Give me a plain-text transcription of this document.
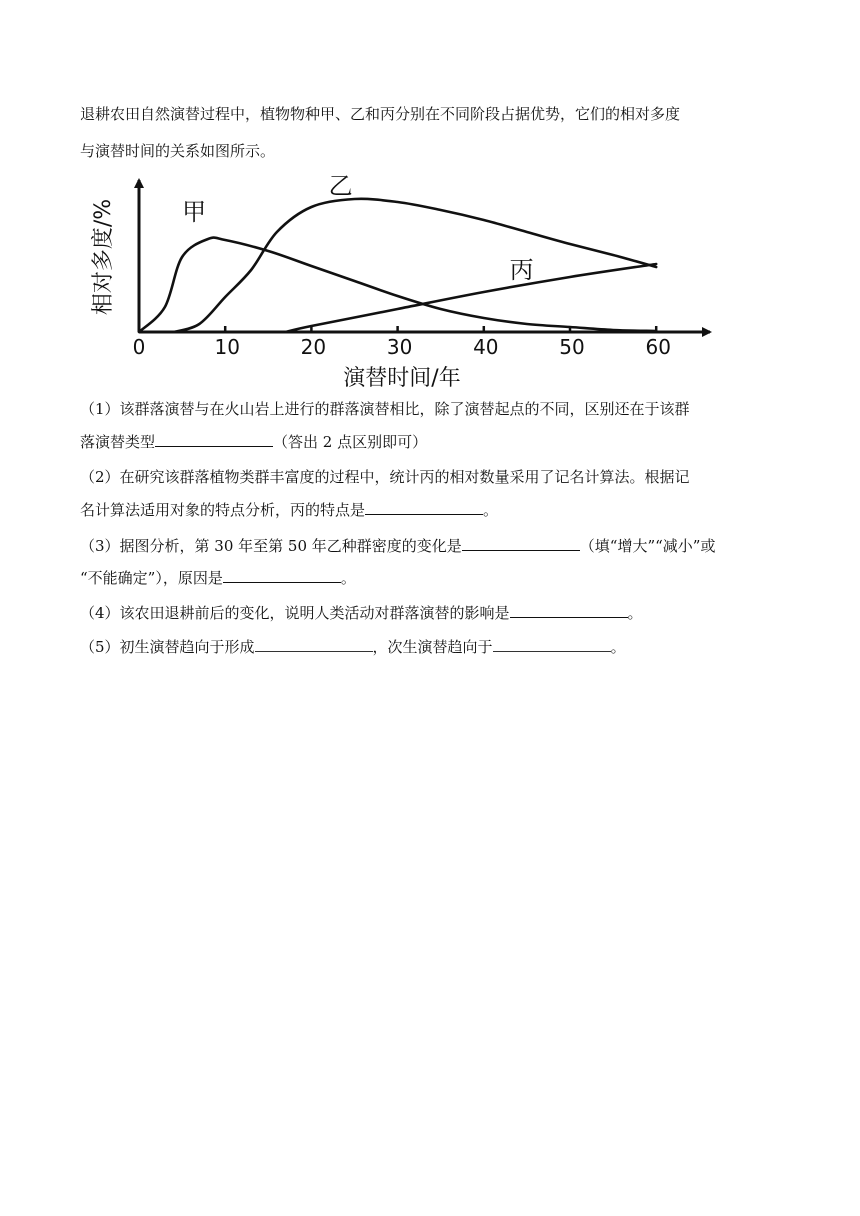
退耕农田自然演替过程中，植物物种甲、乙和丙分别在不同阶段占据优势，它们的相对多度
与演替时间的关系如图所示。
0	10	20	30	40	50	60
甲
乙
丙
演替时间/年
相对多度/%
（1）该群落演替与在火山岩上进行的群落演替相比，除了演替起点的不同，区别还在于该群
落演替类型	（答出 2 点区别即可）
（2）在研究该群落植物类群丰富度的过程中，统计丙的相对数量采用了记名计算法。根据记
名计算法适用对象的特点分析，丙的特点是	。
（3）据图分析，第 30 年至第 50 年乙种群密度的变化是	（填“增大”“减小”或
“不能确定”），原因是	。
（4）该农田退耕前后的变化，说明人类活动对群落演替的影响是	。
（5）初生演替趋向于形成	，次生演替趋向于	。
